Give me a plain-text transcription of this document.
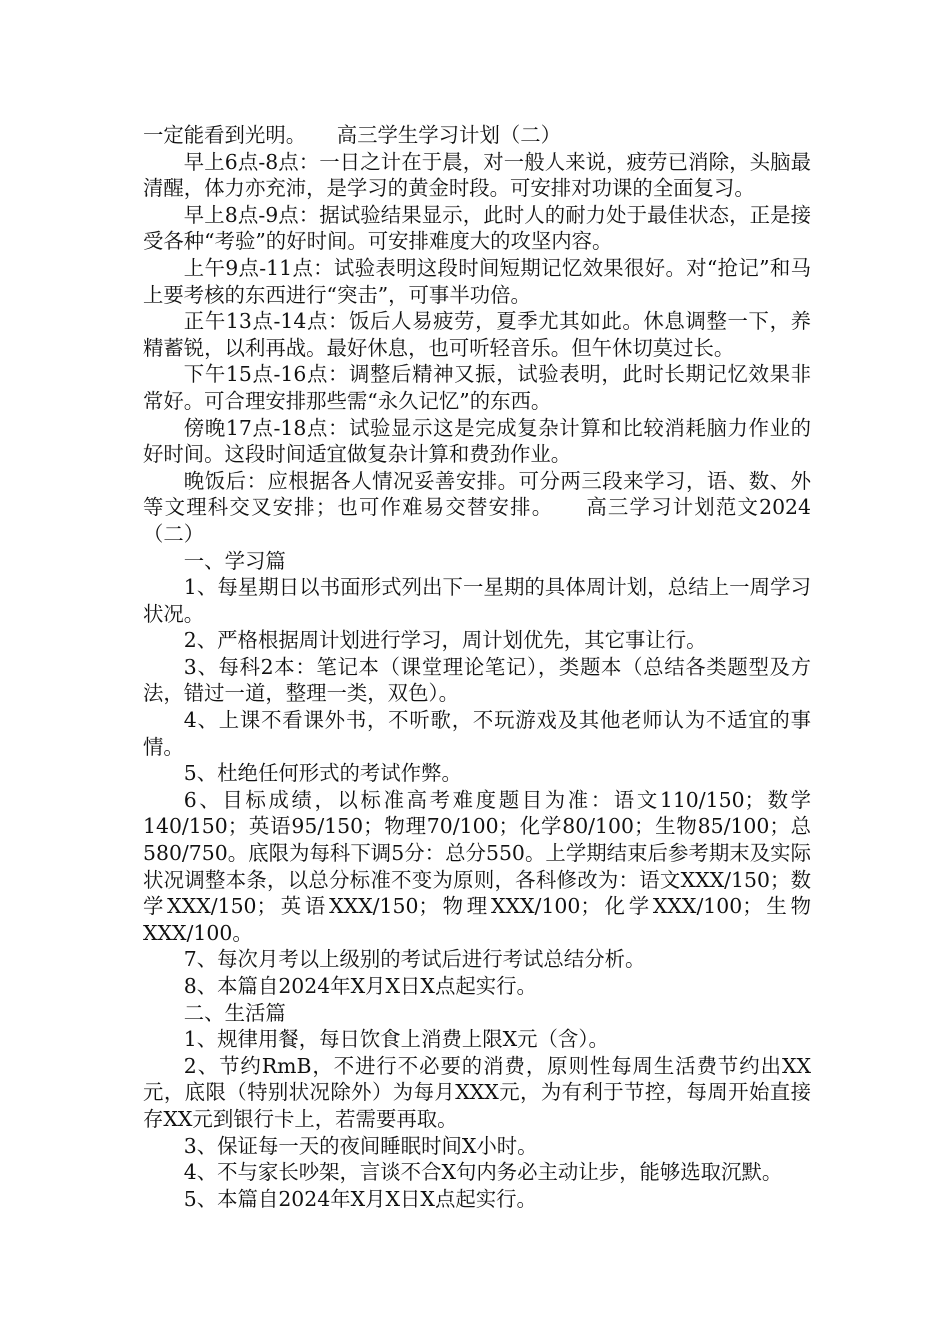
一定能看到光明。　　高三学生学习计划（二）

早上6点-8点：一日之计在于晨，对一般人来说，疲劳已消除，头脑最清醒，体力亦充沛，是学习的黄金时段。可安排对功课的全面复习。

早上8点-9点：据试验结果显示，此时人的耐力处于最佳状态，正是接受各种“考验”的好时间。可安排难度大的攻坚内容。

上午9点-11点：试验表明这段时间短期记忆效果很好。对“抢记”和马上要考核的东西进行“突击”，可事半功倍。

正午13点-14点：饭后人易疲劳，夏季尤其如此。休息调整一下，养精蓄锐，以利再战。最好休息，也可听轻音乐。但午休切莫过长。

下午15点-16点：调整后精神又振，试验表明，此时长期记忆效果非常好。可合理安排那些需“永久记忆”的东西。

傍晚17点-18点：试验显示这是完成复杂计算和比较消耗脑力作业的好时间。这段时间适宜做复杂计算和费劲作业。

晚饭后：应根据各人情况妥善安排。可分两三段来学习，语、数、外等文理科交叉安排；也可作难易交替安排。　　高三学习计划范文2024（二）

一、学习篇

1、每星期日以书面形式列出下一星期的具体周计划，总结上一周学习状况。

2、严格根据周计划进行学习，周计划优先，其它事让行。

3、每科2本：笔记本（课堂理论笔记），类题本（总结各类题型及方法，错过一道，整理一类，双色）。

4、上课不看课外书，不听歌，不玩游戏及其他老师认为不适宜的事情。

5、杜绝任何形式的考试作弊。

6、目标成绩，以标准高考难度题目为准：语文110/150；数学140/150；英语95/150；物理70/100；化学80/100；生物85/100；总580/750。底限为每科下调5分：总分550。上学期结束后参考期末及实际状况调整本条，以总分标准不变为原则，各科修改为：语文XXX/150；数学XXX/150；英语XXX/150；物理XXX/100；化学XXX/100；生物XXX/100。

7、每次月考以上级别的考试后进行考试总结分析。

8、本篇自2024年X月X日X点起实行。

二、生活篇

1、规律用餐，每日饮食上消费上限X元（含）。

2、节约RmB，不进行不必要的消费，原则性每周生活费节约出XX元，底限（特别状况除外）为每月XXX元，为有利于节控，每周开始直接存XX元到银行卡上，若需要再取。

3、保证每一天的夜间睡眠时间X小时。

4、不与家长吵架，言谈不合X句内务必主动让步，能够选取沉默。

5、本篇自2024年X月X日X点起实行。
